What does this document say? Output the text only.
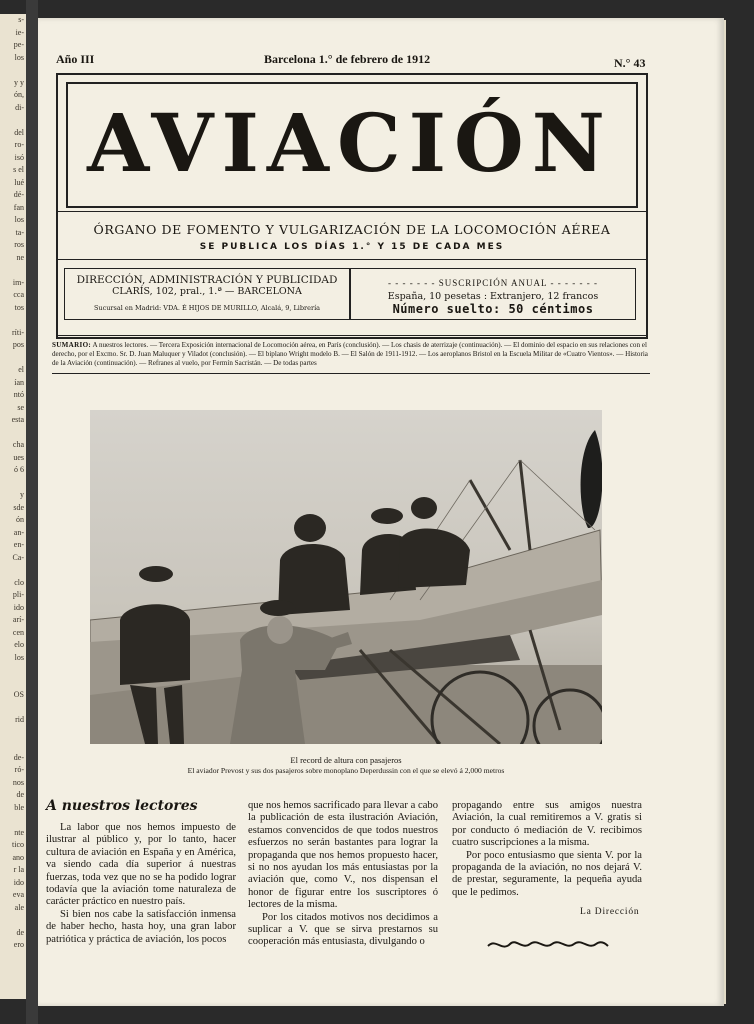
s-
ie-
pe-
los

y y
ón,
di-

del
ro-
isó
s el
lué
dé-
fan
los
ta-
ros
ne

im-
cca
tos

ríti-
pos

el
ían
ntó
se
esta

cha
ues
ó 6

y
sde
ón
an-
en-
Ca-

clo
pli-
ido
arí-
cen
elo
los

OS

rid

de-
ró-
nos
de
ble

nte
tico
ano
r la
ido
eva
ale

de
ero
Año III	Barcelona 1.° de febrero de 1912	N.° 43
AVIACIÓN
ÓRGANO DE FOMENTO Y VULGARIZACIÓN DE LA LOCOMOCIÓN AÉREA
SE PUBLICA LOS DÍAS 1.° Y 15 DE CADA MES
DIRECCIÓN, ADMINISTRACIÓN Y PUBLICIDAD
CLARÍS, 102, pral., 1.ª — BARCELONA
Sucursal en Madrid: VDA. É HIJOS DE MURILLO, Alcalá, 9, Librería
- - - - - - - SUSCRIPCIÓN ANUAL - - - - - - -
España, 10 pesetas : Extranjero, 12 francos
Número suelto: 50 céntimos
SUMARIO: A nuestros lectores. — Tercera Exposición internacional de Locomoción aérea, en París (conclusión). — Los chasis de aterrizaje (continuación). — El dominio del espacio en sus relaciones con el derecho, por el Excmo. Sr. D. Juan Maluquer y Viladot (conclusión). — El biplano Wright modelo B. — El Salón de 1911-1912. — Los aeroplanos Bristol en la Escuela Militar de «Cuatro Vientos». — Historia de la Aviación (continuación). — Refranes al vuelo, por Fermín Sacristán. — De todas partes
El record de altura con pasajeros
El aviador Prevost y sus dos pasajeros sobre monoplano Deperdussin con el que se elevó á 2,000 metros
A nuestros lectores

La labor que nos hemos impuesto de ilustrar al público y, por lo tanto, hacer cultura de aviación en España y en América, va siendo cada día superior á nuestras fuerzas, toda vez que no se ha podido lograr todavía que la aviación tome naturaleza de carácter práctico en nuestro país.

Si bien nos cabe la satisfacción inmensa de haber hecho, hasta hoy, una gran labor patriótica y práctica de aviación, los pocos

que nos hemos sacrificado para llevar a cabo la publicación de esta ilustración Aviación, estamos convencidos de que todos nuestros esfuerzos no serán bastantes para lograr la propaganda que nos hemos propuesto hacer, si no nos ayudan los más entusiastas por la aviación que, como V., nos dispensan el honor de figurar entre los suscriptores ó lectores de la misma.

Por los citados motivos nos decidimos a suplicar a V. que se sirva prestarnos su cooperación más entusiasta, divulgando o

propagando entre sus amigos nuestra Aviación, la cual remitiremos a V. gratis si por conducto ó mediación de V. recibimos cuatro suscripciones a la misma.

Por poco entusiasmo que sienta V. por la propaganda de la aviación, no nos dejará V. de prestar, seguramente, la pequeña ayuda que le pedimos.

La Dirección
